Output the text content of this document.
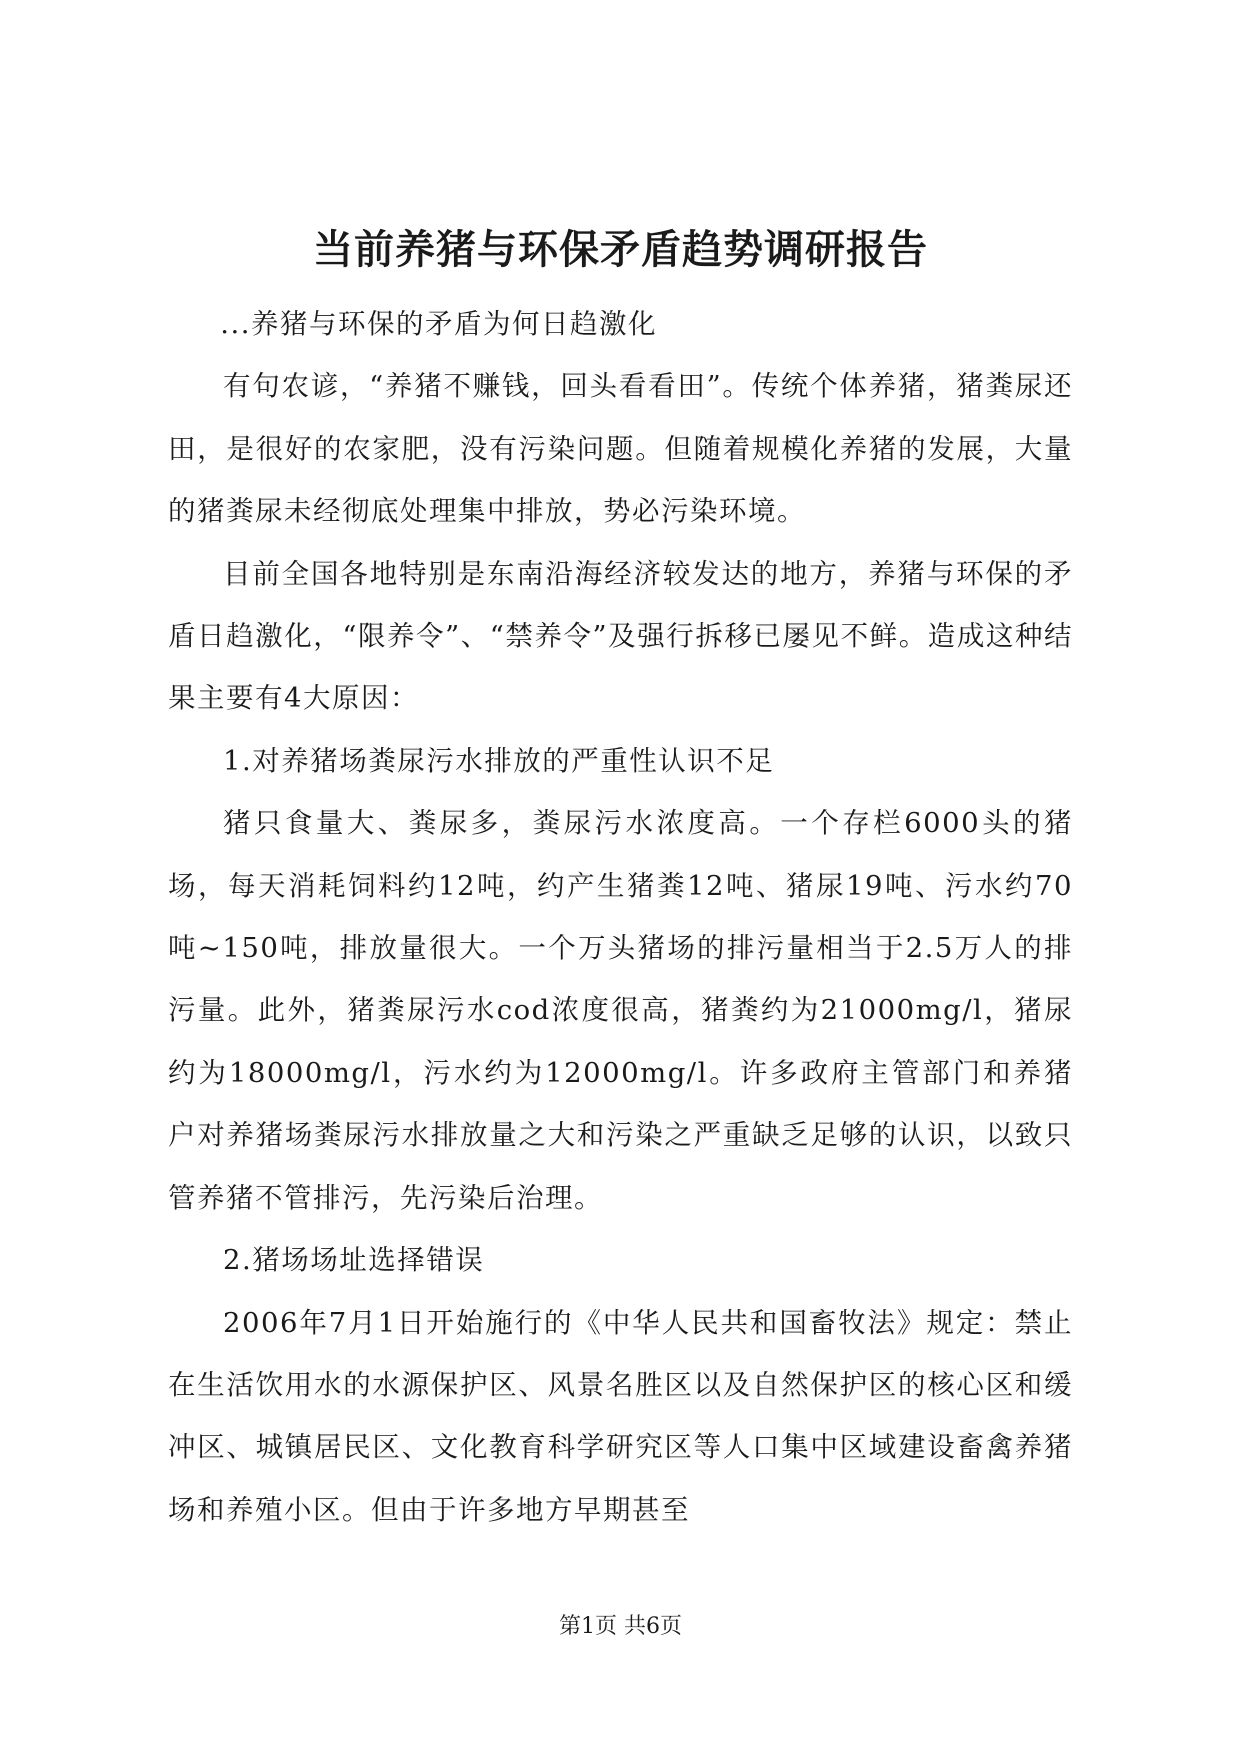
当前养猪与环保矛盾趋势调研报告

...养猪与环保的矛盾为何日趋激化

有句农谚，“养猪不赚钱，回头看看田”。传统个体养猪，猪粪尿还田，是很好的农家肥，没有污染问题。但随着规模化养猪的发展，大量的猪粪尿未经彻底处理集中排放，势必污染环境。

目前全国各地特别是东南沿海经济较发达的地方，养猪与环保的矛盾日趋激化，“限养令”、“禁养令”及强行拆移已屡见不鲜。造成这种结果主要有4大原因：

1.对养猪场粪尿污水排放的严重性认识不足

猪只食量大、粪尿多，粪尿污水浓度高。一个存栏6000头的猪场，每天消耗饲料约12吨，约产生猪粪12吨、猪尿19吨、污水约70吨~150吨，排放量很大。一个万头猪场的排污量相当于2.5万人的排污量。此外，猪粪尿污水cod浓度很高，猪粪约为21000mg/l，猪尿约为18000mg/l，污水约为12000mg/l。许多政府主管部门和养猪户对养猪场粪尿污水排放量之大和污染之严重缺乏足够的认识，以致只管养猪不管排污，先污染后治理。

2.猪场场址选择错误

2006年7月1日开始施行的《中华人民共和国畜牧法》规定：禁止在生活饮用水的水源保护区、风景名胜区以及自然保护区的核心区和缓冲区、城镇居民区、文化教育科学研究区等人口集中区域建设畜禽养猪场和养殖小区。但由于许多地方早期甚至

第1页 共6页
